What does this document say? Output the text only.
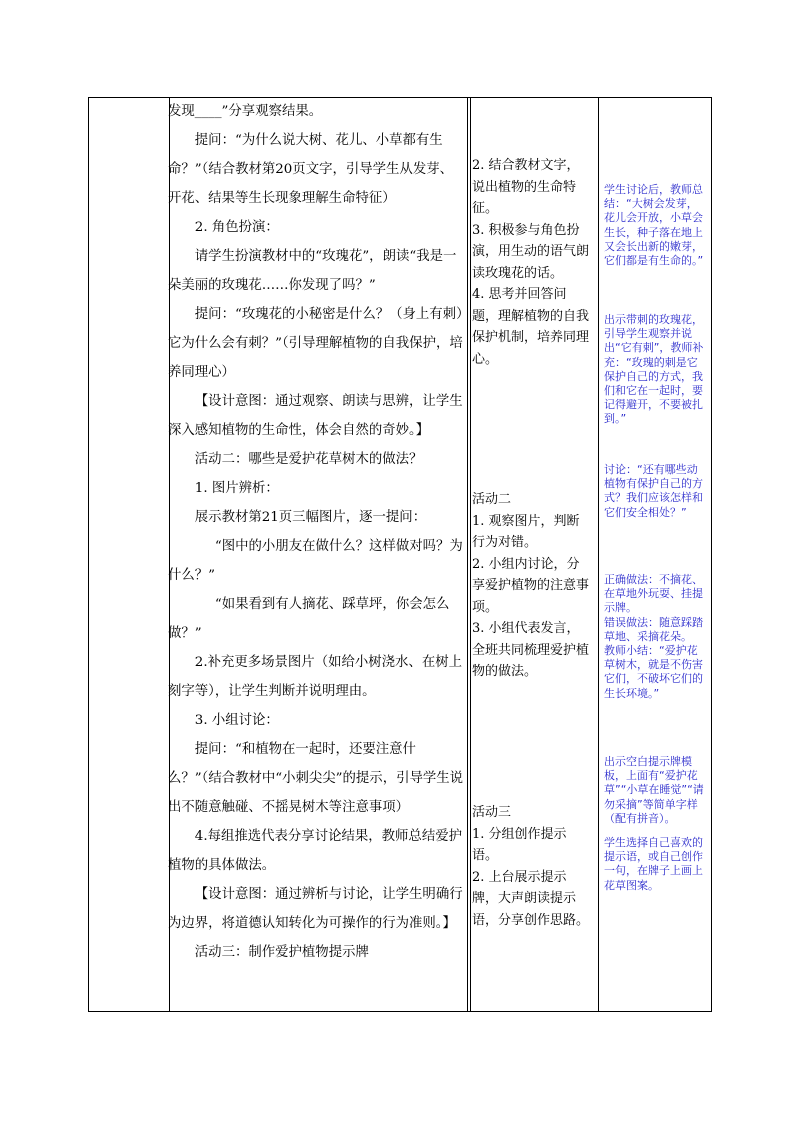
发现____”分享观察结果。

提问：“为什么说大树、花儿、小草都有生命？”（结合教材第20页文字，引导学生从发芽、开花、结果等生长现象理解生命特征）

2. 角色扮演：

请学生扮演教材中的“玫瑰花”，朗读“我是一朵美丽的玫瑰花……你发现了吗？”

提问：“玫瑰花的小秘密是什么？（身上有刺）它为什么会有刺？”（引导理解植物的自我保护，培养同理心）

【设计意图：通过观察、朗读与思辨，让学生深入感知植物的生命性，体会自然的奇妙。】

活动二：哪些是爱护花草树木的做法？

1. 图片辨析：

展示教材第21页三幅图片，逐一提问：

“图中的小朋友在做什么？这样做对吗？为什么？”

“如果看到有人摘花、踩草坪，你会怎么做？”

2.补充更多场景图片（如给小树浇水、在树上刻字等），让学生判断并说明理由。

3. 小组讨论：

提问：“和植物在一起时，还要注意什么？”（结合教材中“小刺尖尖”的提示，引导学生说出不随意触碰、不摇晃树木等注意事项）

4.每组推选代表分享讨论结果，教师总结爱护植物的具体做法。

【设计意图：通过辨析与讨论，让学生明确行为边界，将道德认知转化为可操作的行为准则。】

活动三：制作爱护植物提示牌

2. 结合教材文字，说出植物的生命特征。

3. 积极参与角色扮演，用生动的语气朗读玫瑰花的话。

4. 思考并回答问题，理解植物的自我保护机制，培养同理心。

活动二

1. 观察图片，判断行为对错。

2. 小组内讨论，分享爱护植物的注意事项。

3. 小组代表发言，全班共同梳理爱护植物的做法。

活动三

1. 分组创作提示语。

2. 上台展示提示牌，大声朗读提示语，分享创作思路。

学生讨论后，教师总结：“大树会发芽，花儿会开放，小草会生长，种子落在地上又会长出新的嫩芽，它们都是有生命的。”

出示带刺的玫瑰花，引导学生观察并说出“它有刺”，教师补充：“玫瑰的刺是它保护自己的方式，我们和它在一起时，要记得避开，不要被扎到。”

讨论：“还有哪些动植物有保护自己的方式？我们应该怎样和它们安全相处？”

正确做法：不摘花、在草地外玩耍、挂提示牌。

错误做法：随意踩踏草地、采摘花朵。

教师小结：“爱护花草树木，就是不伤害它们，不破坏它们的生长环境。”

出示空白提示牌模板，上面有“爱护花草”“小草在睡觉”“请勿采摘”等简单字样（配有拼音）。

学生选择自己喜欢的提示语，或自己创作一句，在牌子上画上花草图案。
